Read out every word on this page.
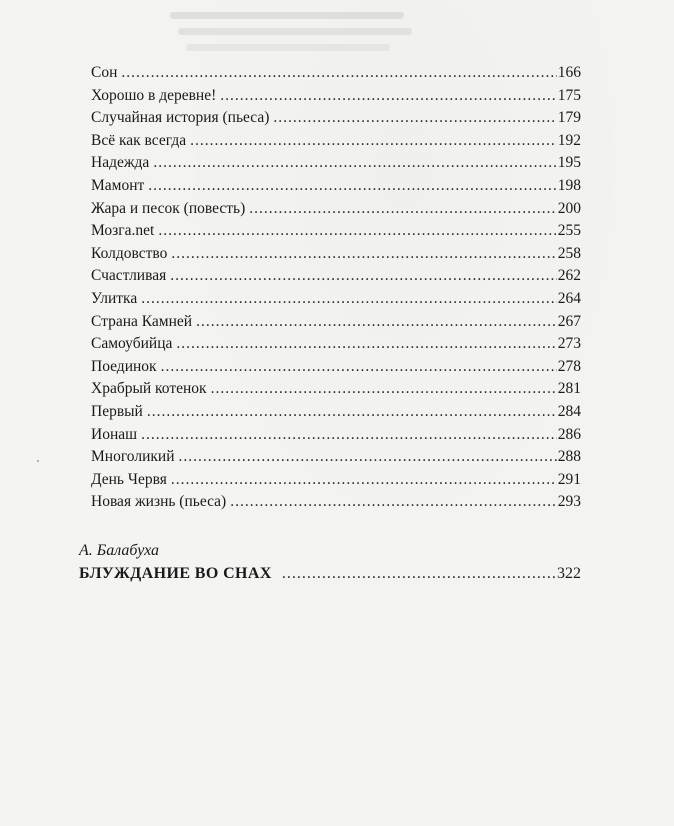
Сон .....	166
Хорошо в деревне! .....	175
Случайная история (пьеса) .....	179
Всё как всегда .....	192
Надежда .....	195
Мамонт .....	198
Жара и песок (повесть) .....	200
Мозга.net .....	255
Колдовство .....	258
Счастливая .....	262
Улитка .....	264
Страна Камней .....	267
Самоубийца .....	273
Поединок .....	278
Храбрый котенок .....	281
Первый .....	284
Ионаш .....	286
Многоликий .....	288
День Червя .....	291
Новая жизнь (пьеса) .....	293
А. Балабуха
БЛУЖДАНИЕ ВО СНАХ .....	322
